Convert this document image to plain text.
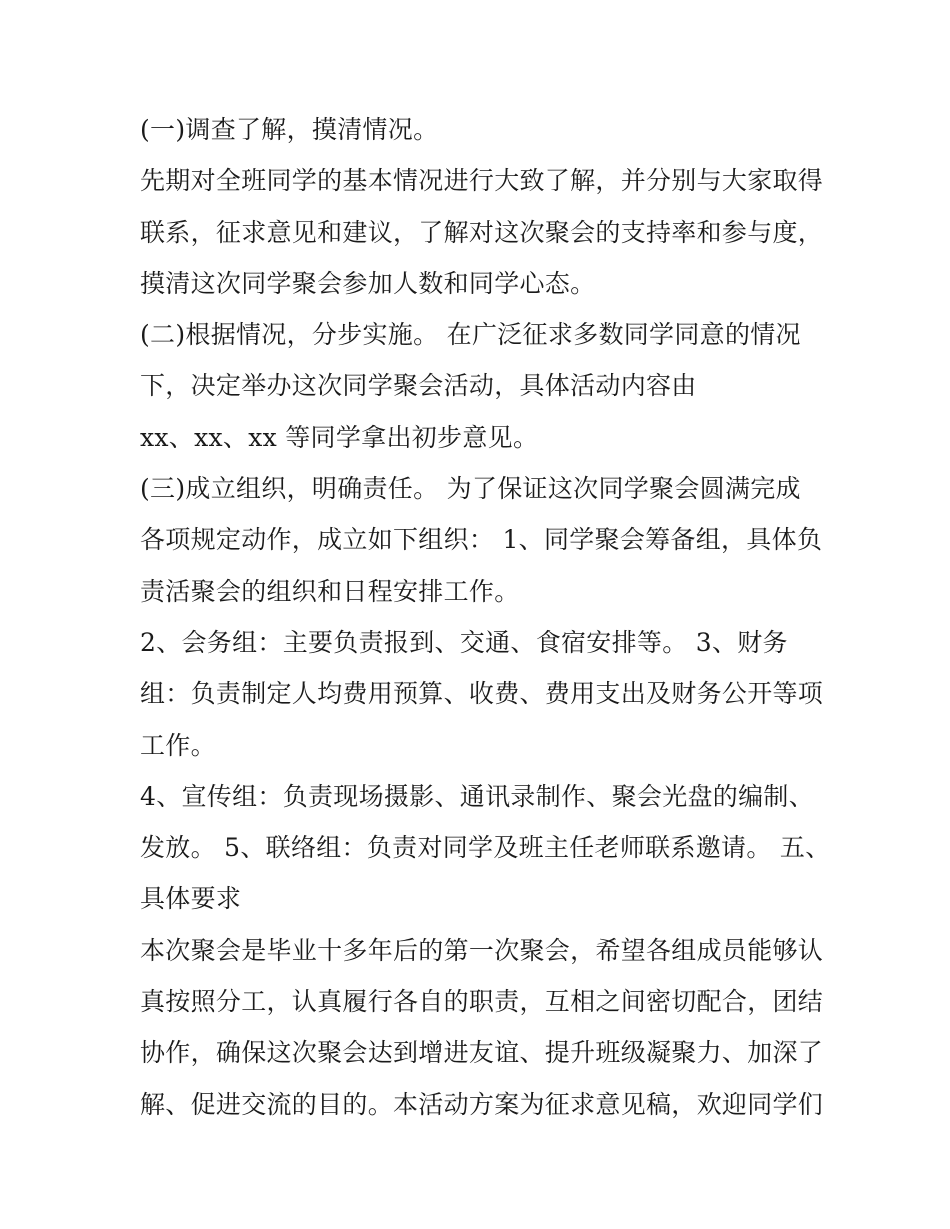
(一)调查了解，摸清情况。
先期对全班同学的基本情况进行大致了解，并分别与大家取得
联系，征求意见和建议，了解对这次聚会的支持率和参与度，
摸清这次同学聚会参加人数和同学心态。
(二)根据情况，分步实施。 在广泛征求多数同学同意的情况
下，决定举办这次同学聚会活动，具体活动内容由
xx、xx、xx 等同学拿出初步意见。
(三)成立组织，明确责任。 为了保证这次同学聚会圆满完成
各项规定动作，成立如下组织： 1、同学聚会筹备组，具体负
责活聚会的组织和日程安排工作。
2、会务组：主要负责报到、交通、食宿安排等。 3、财务
组：负责制定人均费用预算、收费、费用支出及财务公开等项
工作。
4、宣传组：负责现场摄影、通讯录制作、聚会光盘的编制、
发放。 5、联络组：负责对同学及班主任老师联系邀请。 五、
具体要求
本次聚会是毕业十多年后的第一次聚会，希望各组成员能够认
真按照分工，认真履行各自的职责，互相之间密切配合，团结
协作，确保这次聚会达到增进友谊、提升班级凝聚力、加深了
解、促进交流的目的。本活动方案为征求意见稿，欢迎同学们
